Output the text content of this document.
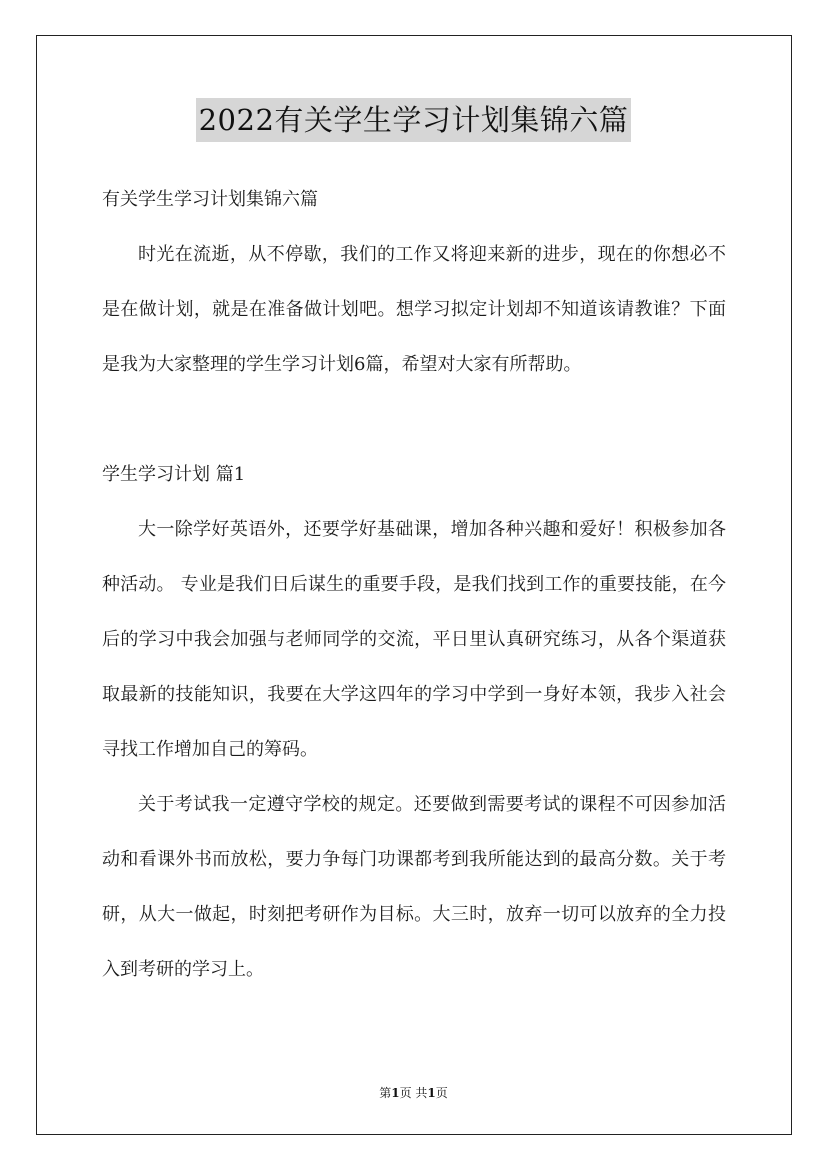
2022有关学生学习计划集锦六篇

有关学生学习计划集锦六篇

时光在流逝，从不停歇，我们的工作又将迎来新的进步，现在的你想必不是在做计划，就是在准备做计划吧。想学习拟定计划却不知道该请教谁？下面是我为大家整理的学生学习计划6篇，希望对大家有所帮助。

学生学习计划 篇1

大一除学好英语外，还要学好基础课，增加各种兴趣和爱好！积极参加各种活动。 专业是我们日后谋生的重要手段，是我们找到工作的重要技能，在今后的学习中我会加强与老师同学的交流，平日里认真研究练习，从各个渠道获取最新的技能知识，我要在大学这四年的学习中学到一身好本领，我步入社会寻找工作增加自己的筹码。

关于考试我一定遵守学校的规定。还要做到需要考试的课程不可因参加活动和看课外书而放松，要力争每门功课都考到我所能达到的最高分数。关于考研，从大一做起，时刻把考研作为目标。大三时，放弃一切可以放弃的全力投入到考研的学习上。

第1页 共1页
